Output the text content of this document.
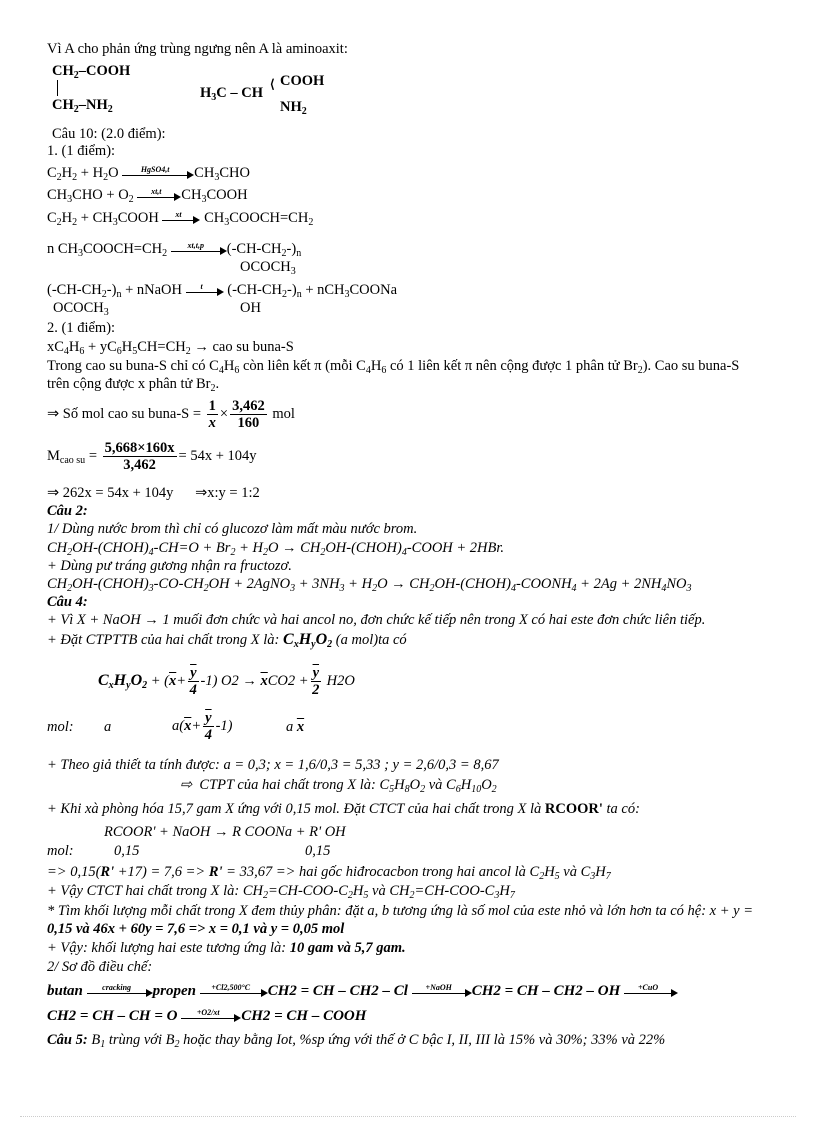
Vì A cho phản ứng trùng ngưng nên A là aminoaxit:
$CH_2$–COOH
$CH_2-NH_2$
$H_3C$ – CH
⟨ COOH
$NH_2$
Câu 10: (2.0 điểm):
1. (1 điểm):
$C_2H_2 + H_2O$	HgSO4,t	$CH_3CHO$
$CH_3CHO + O_2$
xt,t	$CH_3COOH$
$C_2H_2$ + $CH_3COOH$	xt	$CH_3COOCH=CH_2$
n $CH_3COOCH=CH_2$
xt,t,p	$(-CH-CH_2-)_n$
$OCOCH_3$
$(-CH-CH_2-)_n$ + nNaOH	t	$(-CH-CH_2-)_n$ + nCH$_3$COONa
$OCOCH_3$	OH
2. (1 điểm):
$xC_4H_6 + yC_6H_5CH=CH_2$ → cao su buna-S
Trong cao su buna-S chỉ có $C_4H_6$ còn liên kết π (mỗi $C_4H_6$ có 1 liên kết π nên cộng được 1 phân tử $Br_2$). Cao su buna-S
trên cộng được x phân tử $Br_2$.
⇒ Số mol cao su buna-S = $\frac{1}{x} \times \frac{3,462}{160}$ mol
$M_{cao su} = \frac{5,668\times 160x}{3,462} = 54x + 104y$
⇒ 262x = 54x + 104y      ⇒x:y = 1:2
Câu 2:
1/ Dùng nước brom thì chỉ có glucozơ làm mất màu nước brom.
$CH_2OH-(CHOH)_4-CH=O + Br_2 + H_2O$ → $CH_2OH-(CHOH)_4$-COOH + 2HBr.
+ Dùng pư tráng gương nhận ra fructozơ.
$CH_2OH-(CHOH)_3-CO-CH_2OH$ + 2AgNO$_3$ + $3NH_3 + H_2O$ → $CH_2OH-(CHOH)_4-COONH_4 + 2Ag + 2NH_4NO_3$
Câu 4:
+ Vì X + NaOH → 1 muối đơn chức và hai ancol no, đơn chức kế tiếp nên trong X có hai este đơn chức liên tiếp.
+ Đặt CTPTTB của hai chất trong X là: $C_xH_yO_2$ (a mol)ta có
$C_xH_yO_2 + (\overline{x}+ \frac{\overline{y}}{4} -1) O2 \to \overline{x}CO2 + \frac{\overline{y}}{2} H2O$
mol: a	$a(\overline{x}+ \frac{\overline{y}}{4} -1)$	a $\overline{x}$
+ Theo giả thiết ta tính được: a = 0,3; x = 1,6/0,3 = 5,33 ; y = 2,6/0,3 = 8,67
⇨  CTPT của hai chất trong X là: $C_5H_8O_2$ và $C_6H_{10}O_2$
+ Khi xà phòng hóa 15,7 gam X ứng với 0,15 mol. Đặt CTCT của hai chất trong X là RCOOR' ta có:
RCOOR' + NaOH → R COONa + R' OH
mol:	0,15	0,15
=> 0,15(R' +17) = 7,6 => R' = 33,67 => hai gốc hiđrocacbon trong hai ancol là $C_2H_5$ và $C_3H_7$
+ Vậy CTCT hai chất trong X là: $CH_2=CH-COO-C_2H_5$ và $CH_2=CH-COO-C_3H_7$
* Tìm khối lượng mỗi chất trong X đem thủy phân: đặt a, b tương ứng là số mol của este nhỏ và lớn hơn ta có hệ: x + y =
0,15 và 46x + 60y = 7,6 => x = 0,1 và y = 0,05 mol
+ Vậy: khối lượng hai este tương ứng là: 10 gam và 5,7 gam.
2/ Sơ đồ điều chế:
butan	cracking	propen	+Cl2,500°C	CH2 = CH – CH2 – Cl	+NaOH	CH2 = CH – CH2 – OH	+CuO
CH2 = CH – CH = O	+O2/xt	CH2 = CH – COOH
Câu 5: $B_1$ trùng với $B_2$ hoặc thay bằng Iot, %sp ứng với thế ở C bậc I, II, III là 15% và 30%; 33% và 22%
